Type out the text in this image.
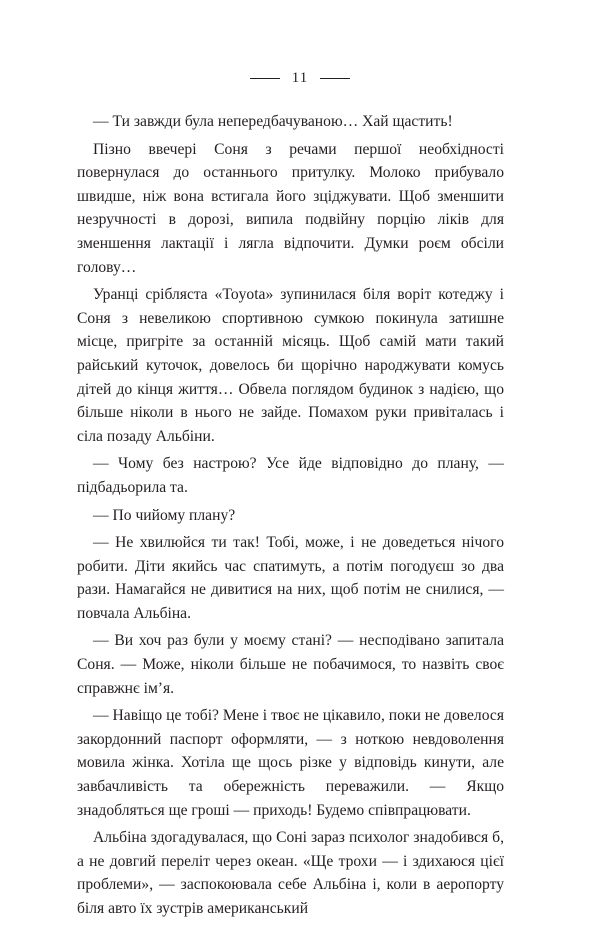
11

— Ти завжди була непередбачуваною… Хай щастить!

Пізно ввечері Соня з речами першої необхідності повернулася до останнього притулку. Молоко прибувало швидше, ніж вона встигала його зціджувати. Щоб зменшити незручності в дорозі, випила подвійну порцію ліків для зменшення лактації і лягла відпочити. Думки роєм обсіли голову…

Уранці сріблястa «Toyota» зупинилася біля воріт котеджу і Соня з невеликою спортивною сумкою покинула затишне місце, пригріте за останній місяць. Щоб самій мати такий райський куточок, довелось би щорічно народжувати комусь дітей до кінця життя… Обвела поглядом будинок з надією, що більше ніколи в нього не зайде. Помахом руки привіталась і сіла позаду Альбіни.

— Чому без настрою? Усе йде відповідно до плану, — підбадьорила та.

— По чийому плану?

— Не хвилюйся ти так! Тобі, може, і не доведеться нічого робити. Діти якийсь час спатимуть, а потім погодуєш зо два рази. Намагайся не дивитися на них, щоб потім не снилися, — повчала Альбіна.

— Ви хоч раз були у моєму стані? — несподівано запитала Соня. — Може, ніколи більше не побачимося, то назвіть своє справжнє ім’я.

— Навіщо це тобі? Мене і твоє не цікавило, поки не довелося закордонний паспорт оформляти, — з ноткою невдоволення мовила жінка. Хотіла ще щось різке у відповідь кинути, але завбачливість та обережність переважили. — Якщо знадобляться ще гроші — приходь! Будемо співпрацювати.

Альбіна здогадувалася, що Соні зараз психолог знадобився б, а не довгий переліт через океан. «Ще трохи — і здихаюся цієї проблеми», — заспокоювала себе Альбіна і, коли в аеропорту біля авто їх зустрів американський
